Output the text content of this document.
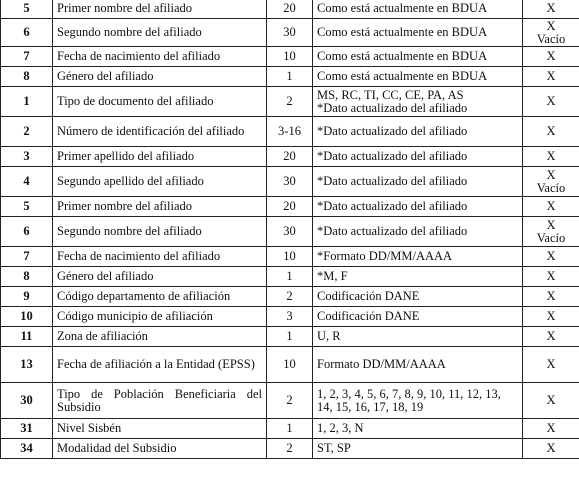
5	Primer nombre del afiliado	20	Como está actualmente en BDUA	X

6	Segundo nombre del afiliado	30	Como está actualmente en BDUA	X
Vacío

7	Fecha de nacimiento del afiliado	10	Como está actualmente en BDUA	X

8	Género del afiliado	1	Como está actualmente en BDUA	X

1	Tipo de documento del afiliado	2	MS, RC, TI, CC, CE, PA, AS
*Dato actualizado del afiliado	X

2	Número de identificación del afiliado	3-16	*Dato actualizado del afiliado	X

3	Primer apellido del afiliado	20	*Dato actualizado del afiliado	X

4	Segundo apellido del afiliado	30	*Dato actualizado del afiliado	X
Vacío

5	Primer nombre del afiliado	20	*Dato actualizado del afiliado	X

6	Segundo nombre del afiliado	30	*Dato actualizado del afiliado	X
Vacío

7	Fecha de nacimiento del afiliado	10	*Formato DD/MM/AAAA	X

8	Género del afiliado	1	*M, F	X

9	Código departamento de afiliación	2	Codificación DANE	X

10	Código municipio de afiliación	3	Codificación DANE	X

11	Zona de afiliación	1	U, R	X

13	Fecha de afiliación a la Entidad (EPSS)	10	Formato DD/MM/AAAA	X

30	Tipo de Población Beneficiaria del Subsidio	2	1, 2, 3, 4, 5, 6, 7, 8, 9, 10, 11, 12, 13, 14, 15, 16, 17, 18, 19	X

31	Nivel Sisbén	1	1, 2, 3, N	X

34	Modalidad del Subsidio	2	ST, SP	X
